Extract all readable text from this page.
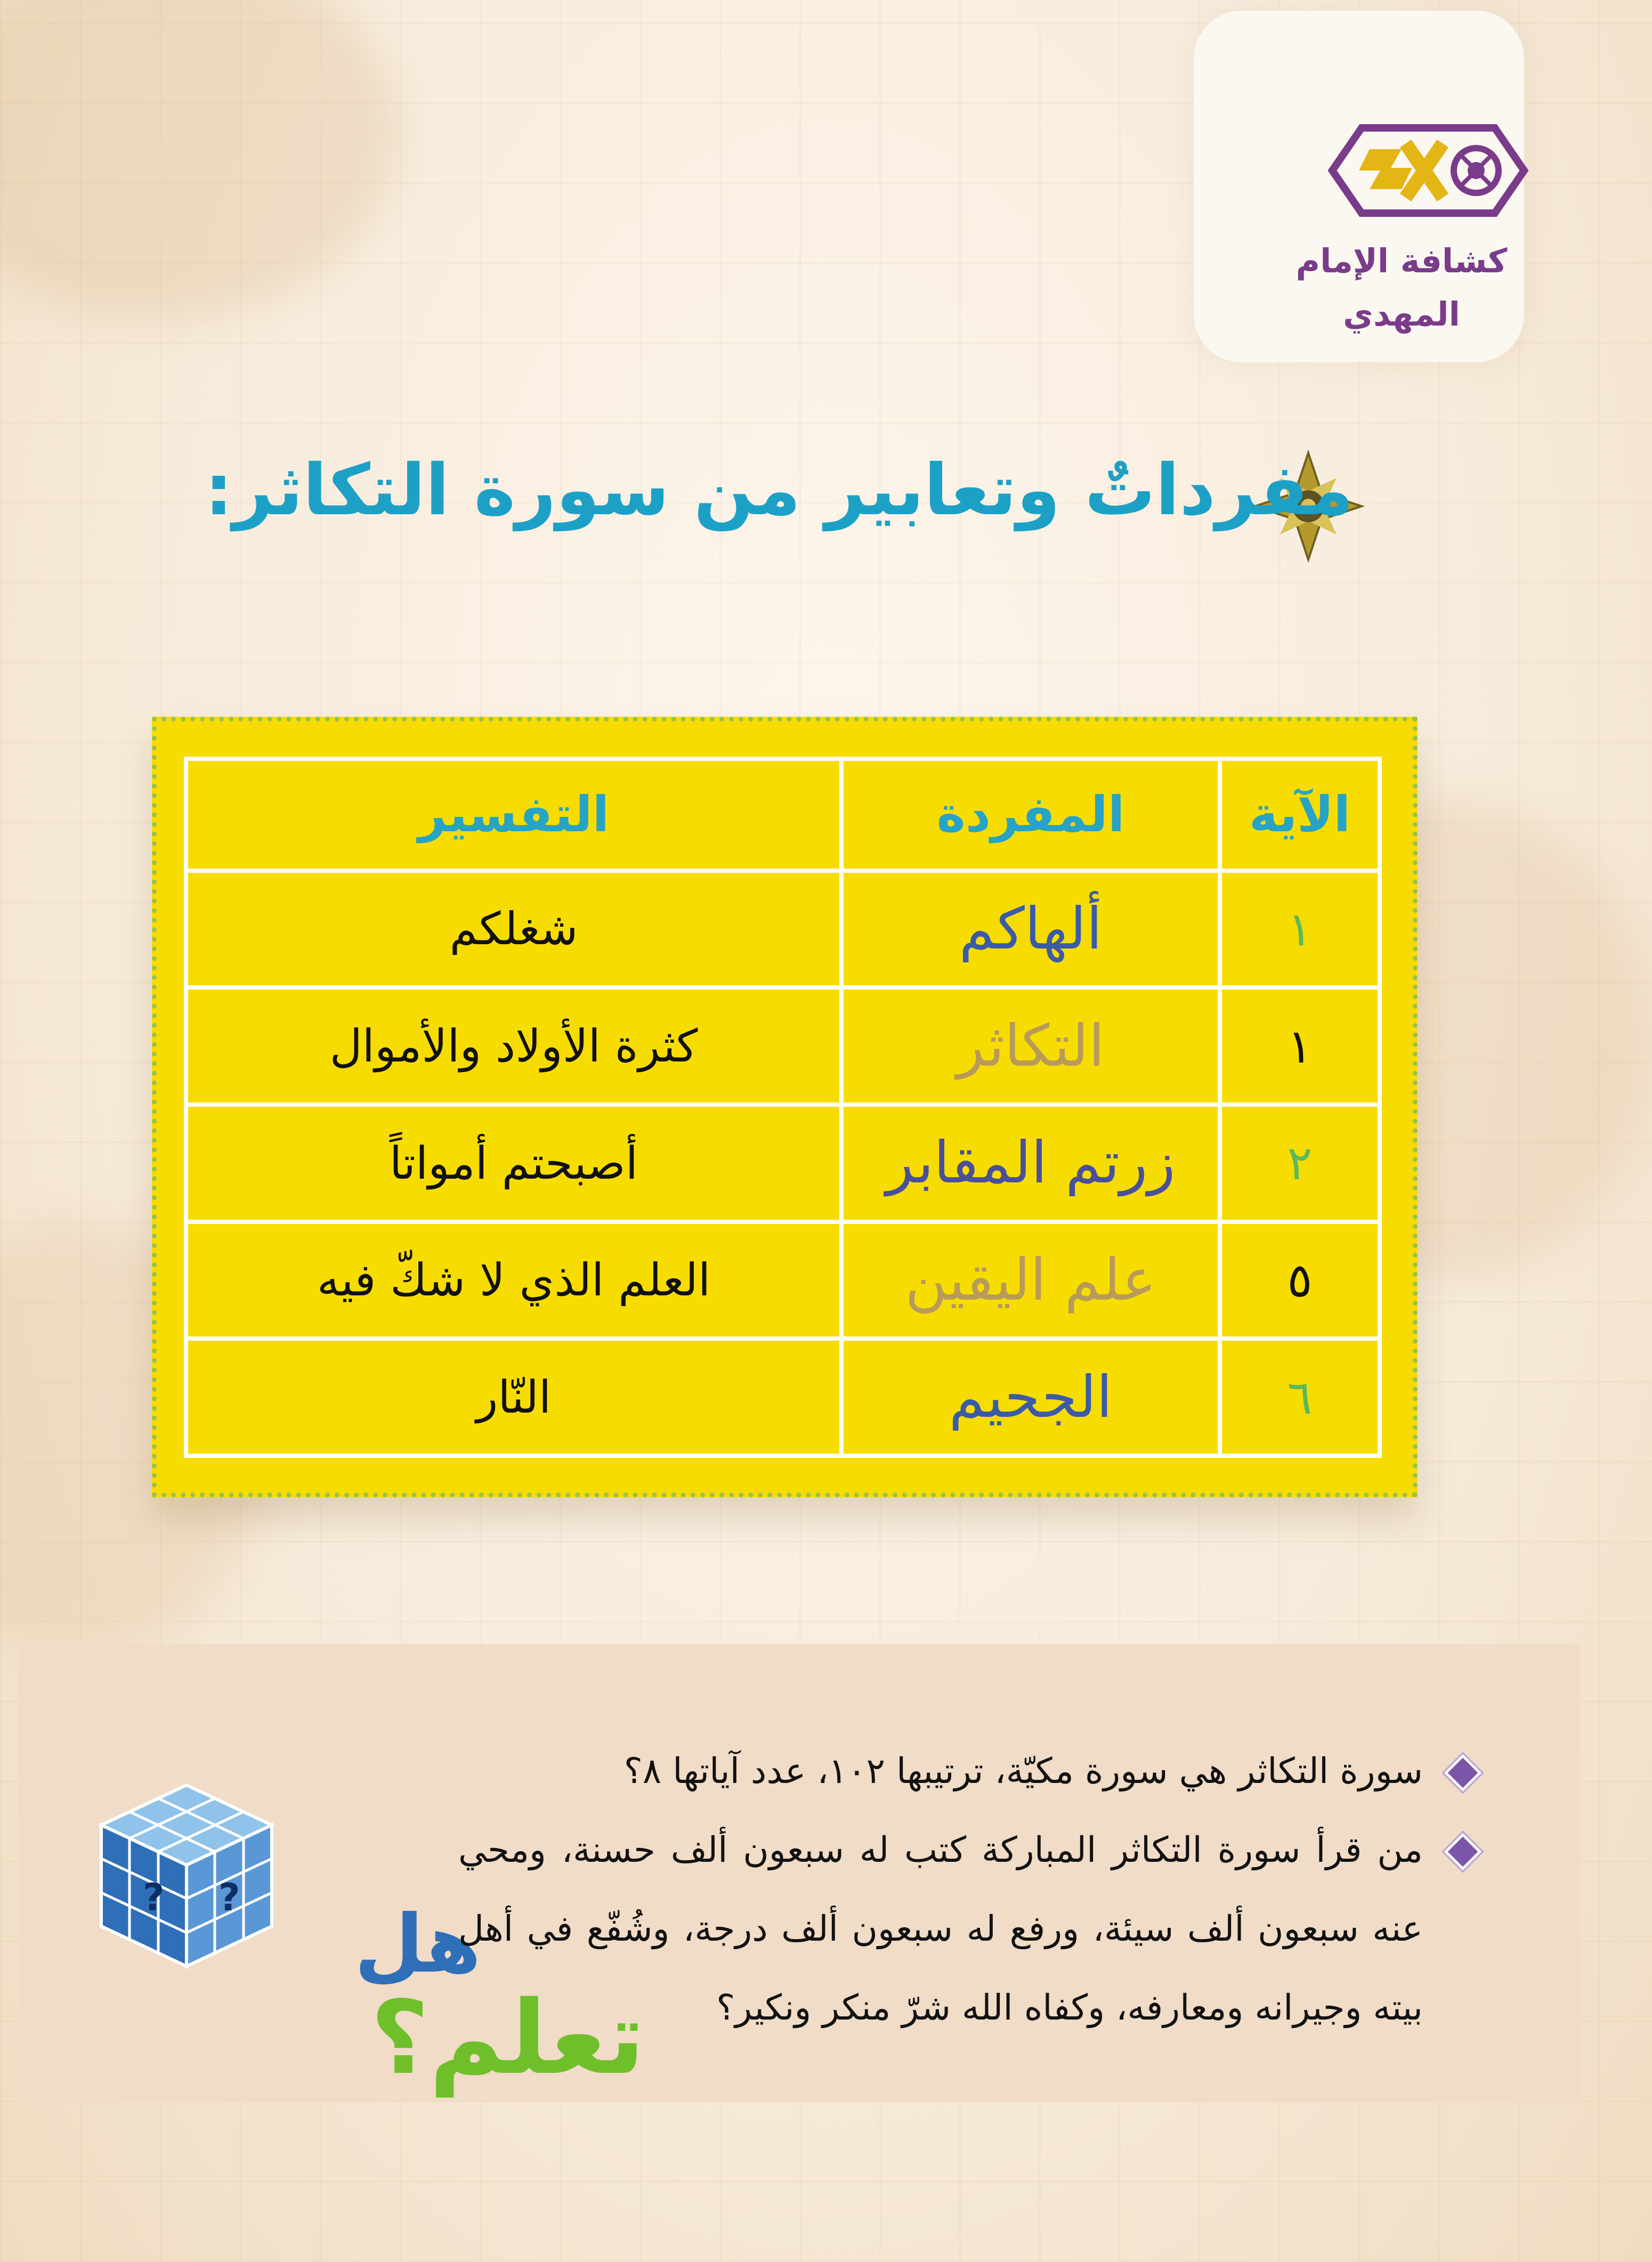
كشافة الإمام المهدي
مفرداتٌ وتعابير من سورة التكاثر:
الآية	المفردة	التفسير
١	ألهاكم	شغلكم
١	التكاثر	كثرة الأولاد والأموال
٢	زرتم المقابر	أصبحتم أمواتاً
٥	علم اليقين	العلم الذي لا شكّ فيه
٦	الجحيم	النّار
? ?
هل
تعلم؟
سورة التكاثر هي سورة مكيّة، ترتيبها ١٠٢، عدد آياتها ٨؟
من قرأ سورة التكاثر المباركة كتب له سبعون ألف حسنة، ومحي عنه سبعون ألف سيئة، ورفع له سبعون ألف درجة، وشُفّع في أهل بيته وجيرانه ومعارفه، وكفاه الله شرّ منكر ونكير؟
